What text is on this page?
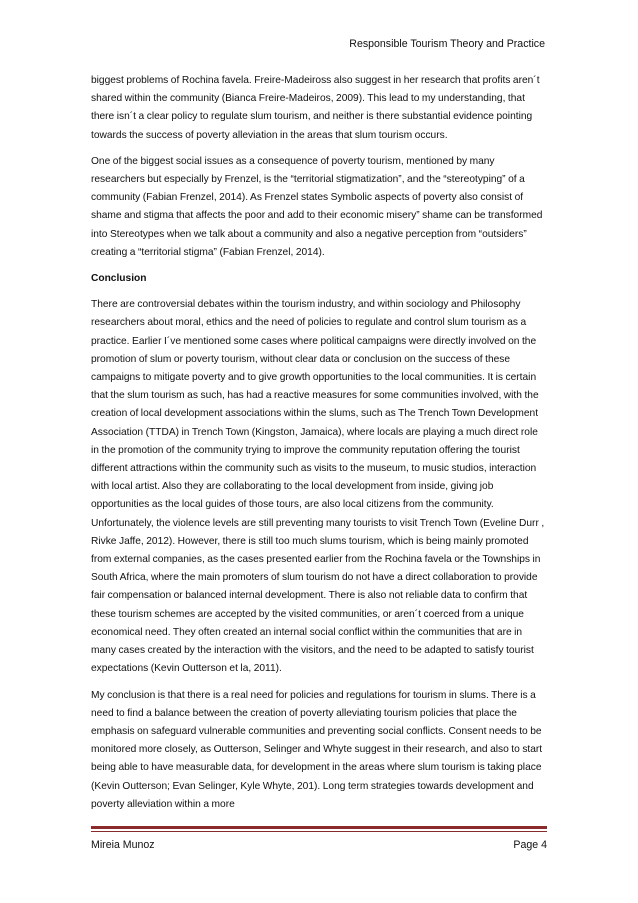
Responsible Tourism Theory and Practice

biggest problems of Rochina favela. Freire-Madeiross also suggest in her research that profits aren´t shared within the community (Bianca Freire-Madeiros, 2009). This lead to my understanding, that there isn´t a clear policy to regulate slum tourism, and neither is there substantial evidence pointing towards the success of poverty alleviation in the areas that slum tourism occurs.

One of the biggest social issues as a consequence of poverty tourism, mentioned by many researchers but especially by Frenzel, is the “territorial stigmatization”, and the “stereotyping” of a community (Fabian Frenzel, 2014). As Frenzel states Symbolic aspects of poverty also consist of shame and stigma that affects the poor and add to their economic misery” shame can be transformed into Stereotypes when we talk about a community and also a negative perception from “outsiders” creating a “territorial stigma” (Fabian Frenzel, 2014).

Conclusion

There are controversial debates within the tourism industry, and within sociology and Philosophy researchers about moral, ethics and the need of policies to regulate and control slum tourism as a practice. Earlier I´ve mentioned some cases where political campaigns were directly involved on the promotion of slum or poverty tourism, without clear data or conclusion on the success of these campaigns to mitigate poverty and to give growth opportunities to the local communities. It is certain that the slum tourism as such, has had a reactive measures for some communities involved, with the creation of local development associations within the slums, such as The Trench Town Development Association (TTDA) in Trench Town (Kingston, Jamaica), where locals are playing a much direct role in the promotion of the community trying to improve the community reputation offering the tourist different attractions within the community such as visits to the museum, to music studios, interaction with local artist. Also they are collaborating to the local development from inside, giving job opportunities as the local guides of those tours, are also local citizens from the community. Unfortunately, the violence levels are still preventing many tourists to visit Trench Town (Eveline Durr , Rivke Jaffe, 2012). However, there is still too much slums tourism, which is being mainly promoted from external companies, as the cases presented earlier from the Rochina favela or the Townships in South Africa, where the main promoters of slum tourism do not have a direct collaboration to provide fair compensation or balanced internal development. There is also not reliable data to confirm that these tourism schemes are accepted by the visited communities, or aren´t coerced from a unique economical need. They often created an internal social conflict within the communities that are in many cases created by the interaction with the visitors, and the need to be adapted to satisfy tourist expectations (Kevin Outterson et la, 2011).

My conclusion is that there is a real need for policies and regulations for tourism in slums. There is a need to find a balance between the creation of poverty alleviating tourism policies that place the emphasis on safeguard vulnerable communities and preventing social conflicts. Consent needs to be monitored more closely, as Outterson, Selinger and Whyte suggest in their research, and also to start being able to have measurable data, for development in the areas where slum tourism is taking place (Kevin Outterson; Evan Selinger, Kyle Whyte, 201). Long term strategies towards development and poverty alleviation within a more

Mireia Munoz	Page 4
